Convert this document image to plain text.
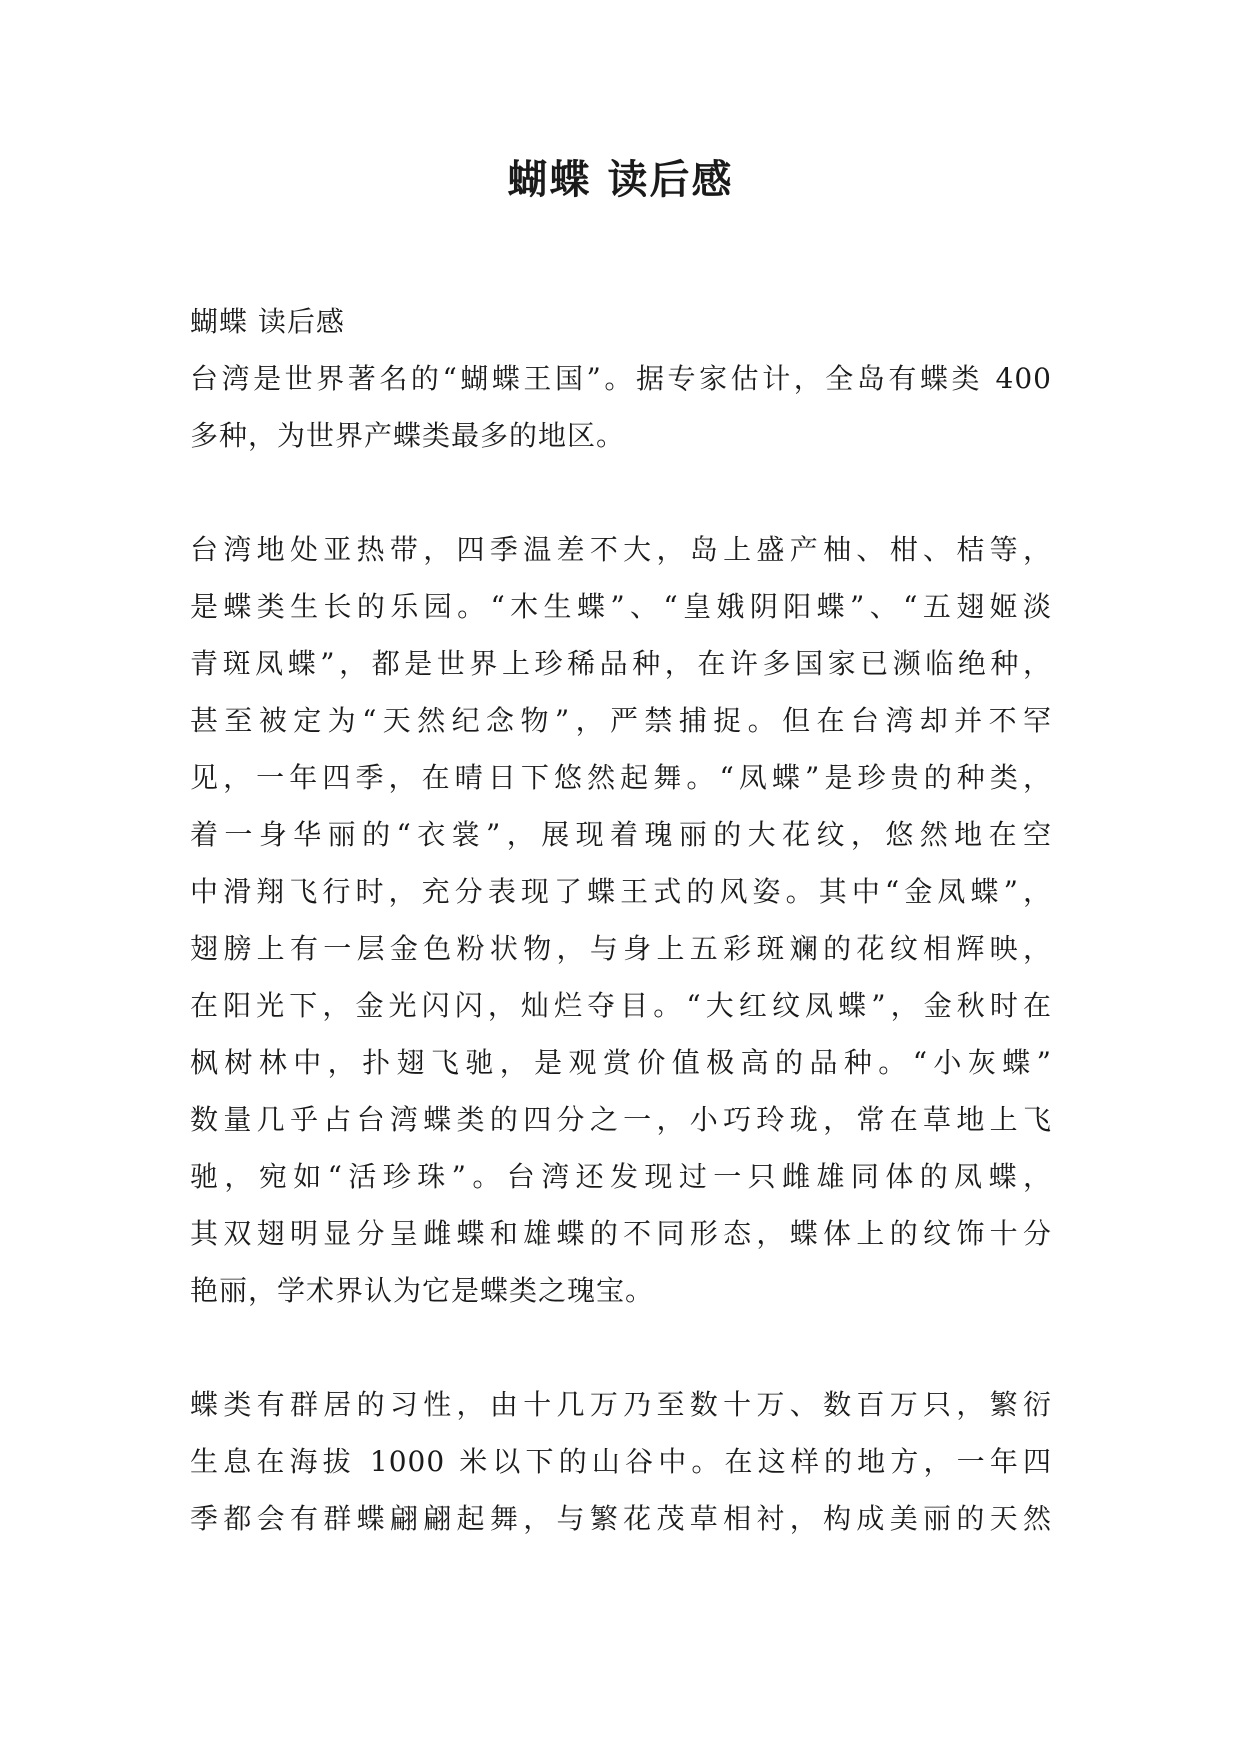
蝴蝶 读后感
蝴蝶 读后感
台湾是世界著名的“蝴蝶王国”。据专家估计，全岛有蝶类 400
多种，为世界产蝶类最多的地区。
台湾地处亚热带，四季温差不大，岛上盛产柚、柑、桔等，
是蝶类生长的乐园。“木生蝶”、“皇娥阴阳蝶”、“五翅姬淡
青斑凤蝶”，都是世界上珍稀品种，在许多国家已濒临绝种，
甚至被定为“天然纪念物”，严禁捕捉。但在台湾却并不罕
见，一年四季，在晴日下悠然起舞。“凤蝶”是珍贵的种类，
着一身华丽的“衣裳”，展现着瑰丽的大花纹，悠然地在空
中滑翔飞行时，充分表现了蝶王式的风姿。其中“金凤蝶”，
翅膀上有一层金色粉状物，与身上五彩斑斓的花纹相辉映，
在阳光下，金光闪闪，灿烂夺目。“大红纹凤蝶”，金秋时在
枫树林中，扑翅飞驰，是观赏价值极高的品种。“小灰蝶”
数量几乎占台湾蝶类的四分之一，小巧玲珑，常在草地上飞
驰，宛如“活珍珠”。台湾还发现过一只雌雄同体的凤蝶，
其双翅明显分呈雌蝶和雄蝶的不同形态，蝶体上的纹饰十分
艳丽，学术界认为它是蝶类之瑰宝。
蝶类有群居的习性，由十几万乃至数十万、数百万只，繁衍
生息在海拔 1000 米以下的山谷中。在这样的地方，一年四
季都会有群蝶翩翩起舞，与繁花茂草相衬，构成美丽的天然
